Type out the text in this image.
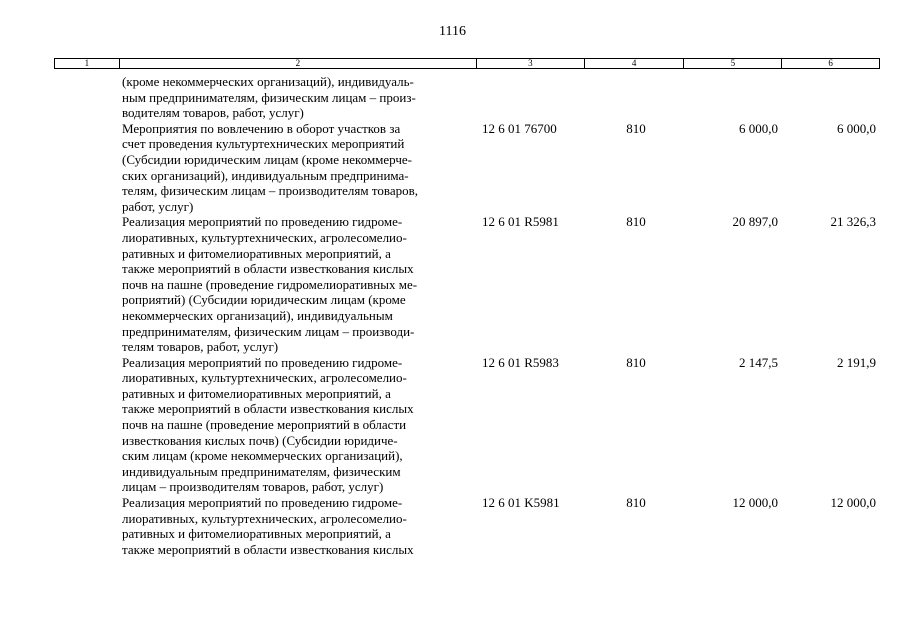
1116
1	2	3	4	5	6
(кроме некоммерческих организаций), индивидуаль-
ным предпринимателям, физическим лицам – произ-
водителям товаров, работ, услуг)
Мероприятия по вовлечению в оборот участков за
счет проведения культуртехнических мероприятий
(Субсидии юридическим лицам (кроме некоммерче-
ских организаций), индивидуальным предпринима-
телям, физическим лицам – производителям товаров,
работ, услуг)
12 6 01 76700	810	6 000,0	6 000,0
Реализация мероприятий по проведению гидроме-
лиоративных, культуртехнических, агролесомелио-
ративных и фитомелиоративных мероприятий, а
также мероприятий в области известкования кислых
почв на пашне (проведение гидромелиоративных ме-
роприятий) (Субсидии юридическим лицам (кроме
некоммерческих организаций), индивидуальным
предпринимателям, физическим лицам – производи-
телям товаров, работ, услуг)
12 6 01 R5981	810	20 897,0	21 326,3
Реализация мероприятий по проведению гидроме-
лиоративных, культуртехнических, агролесомелио-
ративных и фитомелиоративных мероприятий, а
также мероприятий в области известкования кислых
почв на пашне (проведение мероприятий в области
известкования кислых почв) (Субсидии юридиче-
ским лицам (кроме некоммерческих организаций),
индивидуальным предпринимателям, физическим
лицам – производителям товаров, работ, услуг)
12 6 01 R5983	810	2 147,5	2 191,9
Реализация мероприятий по проведению гидроме-
лиоративных, культуртехнических, агролесомелио-
ративных и фитомелиоративных мероприятий, а
также мероприятий в области известкования кислых
12 6 01 K5981	810	12 000,0	12 000,0
